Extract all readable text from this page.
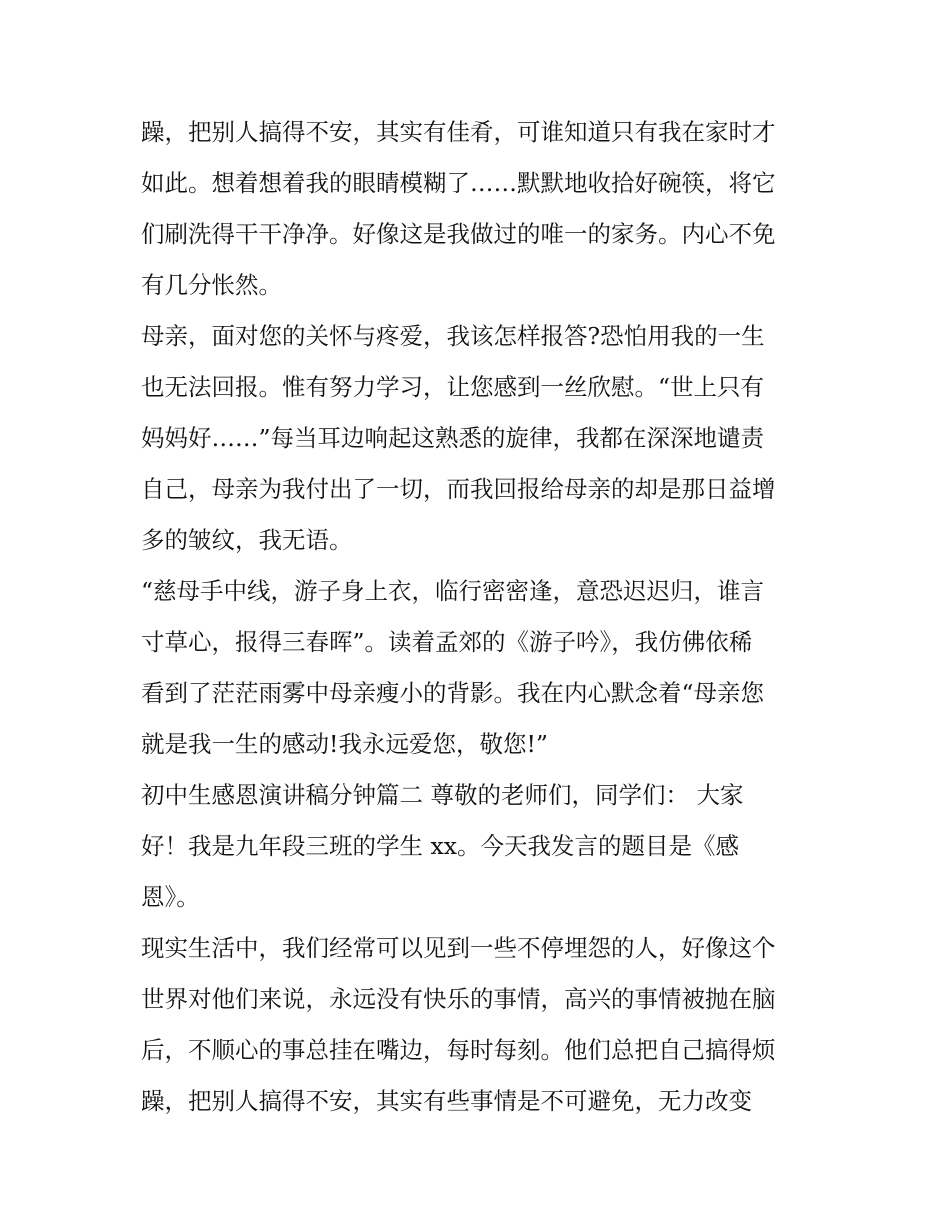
躁，把别人搞得不安，其实有佳肴，可谁知道只有我在家时才
如此。想着想着我的眼睛模糊了……默默地收拾好碗筷，将它
们刷洗得干干净净。好像这是我做过的唯一的家务。内心不免
有几分怅然。
母亲，面对您的关怀与疼爱，我该怎样报答?恐怕用我的一生
也无法回报。惟有努力学习，让您感到一丝欣慰。“世上只有
妈妈好……”每当耳边响起这熟悉的旋律，我都在深深地谴责
自己，母亲为我付出了一切，而我回报给母亲的却是那日益增
多的皱纹，我无语。
“慈母手中线，游子身上衣，临行密密逢，意恐迟迟归，谁言
寸草心，报得三春晖”。读着孟郊的《游子吟》，我仿佛依稀
看到了茫茫雨雾中母亲瘦小的背影。我在内心默念着“母亲您
就是我一生的感动!我永远爱您，敬您!”
初中生感恩演讲稿分钟篇二 尊敬的老师们，同学们： 大家
好！我是九年段三班的学生 xx。今天我发言的题目是《感
恩》。
现实生活中，我们经常可以见到一些不停埋怨的人，好像这个
世界对他们来说，永远没有快乐的事情，高兴的事情被抛在脑
后，不顺心的事总挂在嘴边，每时每刻。他们总把自己搞得烦
躁，把别人搞得不安，其实有些事情是不可避免，无力改变
